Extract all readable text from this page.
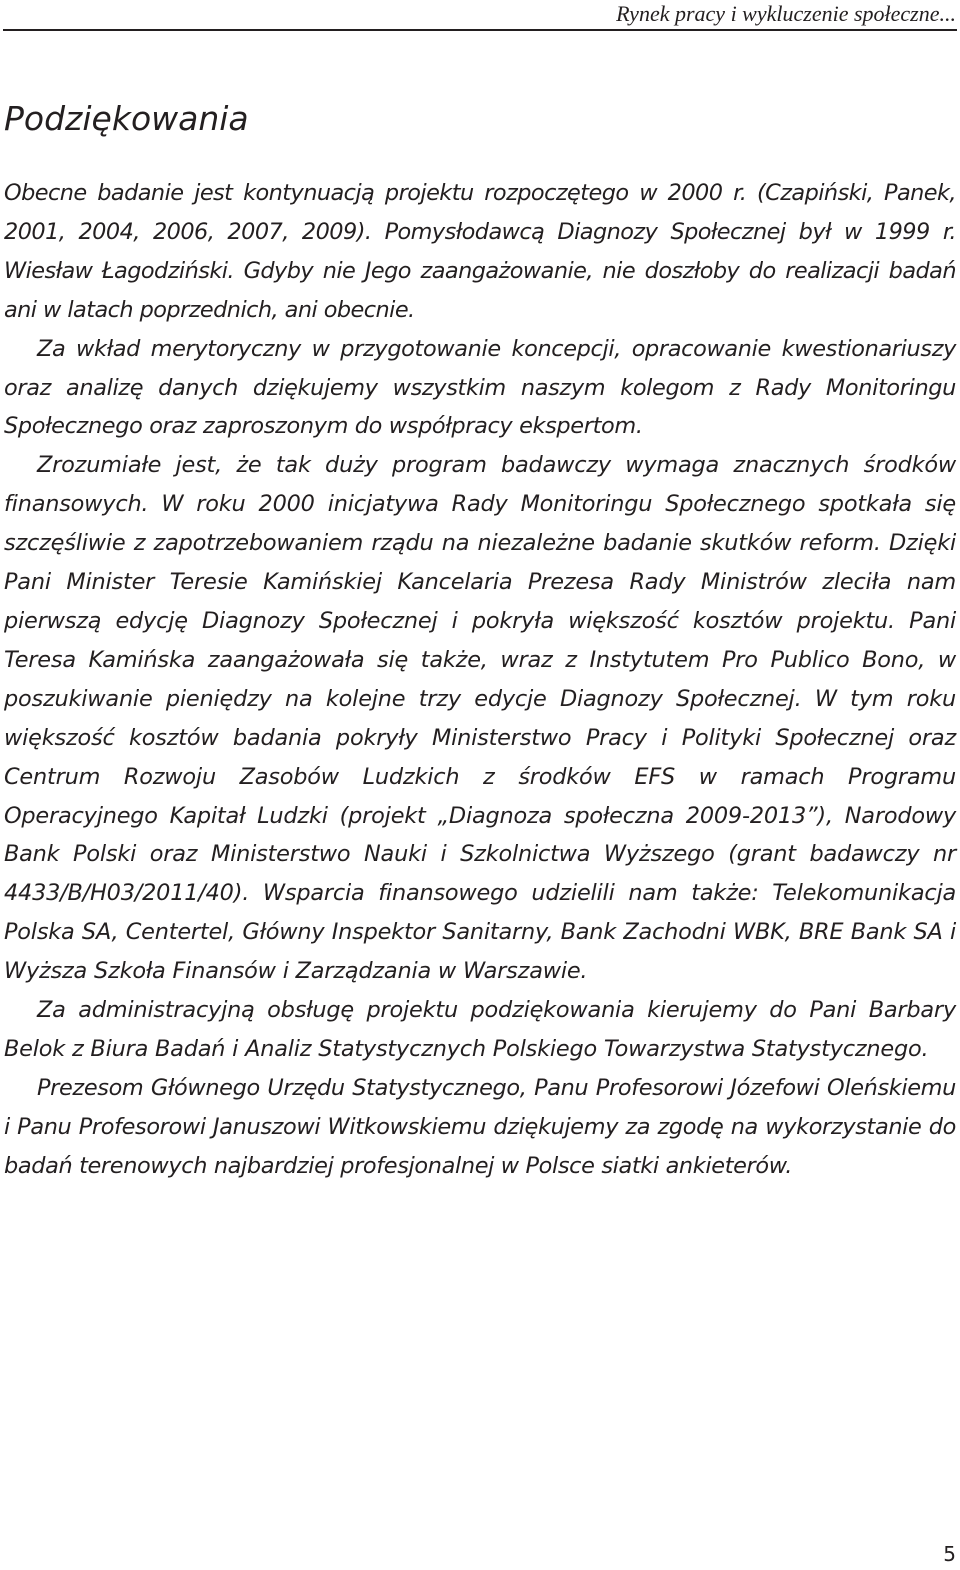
Rynek pracy i wykluczenie społeczne...
Podziękowania

Obecne badanie jest kontynuacją projektu rozpoczętego w 2000 r. (Czapiński, Panek, 2001, 2004, 2006, 2007, 2009). Pomysłodawcą Diagnozy Społecznej był w 1999 r. Wiesław Łagodziński. Gdyby nie Jego zaangażowanie, nie doszłoby do realizacji badań ani w latach poprzednich, ani obecnie.

Za wkład merytoryczny w przygotowanie koncepcji, opracowanie kwestionariuszy oraz analizę danych dziękujemy wszystkim naszym kolegom z Rady Monitoringu Społecznego oraz zaproszonym do współpracy ekspertom.

Zrozumiałe jest, że tak duży program badawczy wymaga znacznych środków finansowych. W roku 2000 inicjatywa Rady Monitoringu Społecznego spotkała się szczęśliwie z zapotrzebowaniem rządu na niezależne badanie skutków reform. Dzięki Pani Minister Teresie Kamińskiej Kancelaria Prezesa Rady Ministrów zleciła nam pierwszą edycję Diagnozy Społecznej i pokryła większość kosztów projektu. Pani Teresa Kamińska zaangażowała się także, wraz z Instytutem Pro Publico Bono, w poszukiwanie pieniędzy na kolejne trzy edycje Diagnozy Społecznej. W tym roku większość kosztów badania pokryły Ministerstwo Pracy i Polityki Społecznej oraz Centrum Rozwoju Zasobów Ludzkich z środków EFS w ramach Programu Operacyjnego Kapitał Ludzki (projekt „Diagnoza społeczna 2009-2013”), Narodowy Bank Polski oraz Ministerstwo Nauki i Szkolnictwa Wyższego (grant badawczy nr 4433/B/H03/2011/40). Wsparcia finansowego udzielili nam także: Telekomunikacja Polska SA, Centertel, Główny Inspektor Sanitarny, Bank Zachodni WBK, BRE Bank SA i Wyższa Szkoła Finansów i Zarządzania w Warszawie.

Za administracyjną obsługę projektu podziękowania kierujemy do Pani Barbary Belok z Biura Badań i Analiz Statystycznych Polskiego Towarzystwa Statystycznego.

Prezesom Głównego Urzędu Statystycznego, Panu Profesorowi Józefowi Oleńskiemu i Panu Profesorowi Januszowi Witkowskiemu dziękujemy za zgodę na wykorzystanie do badań terenowych najbardziej profesjonalnej w Polsce siatki ankieterów.

5
